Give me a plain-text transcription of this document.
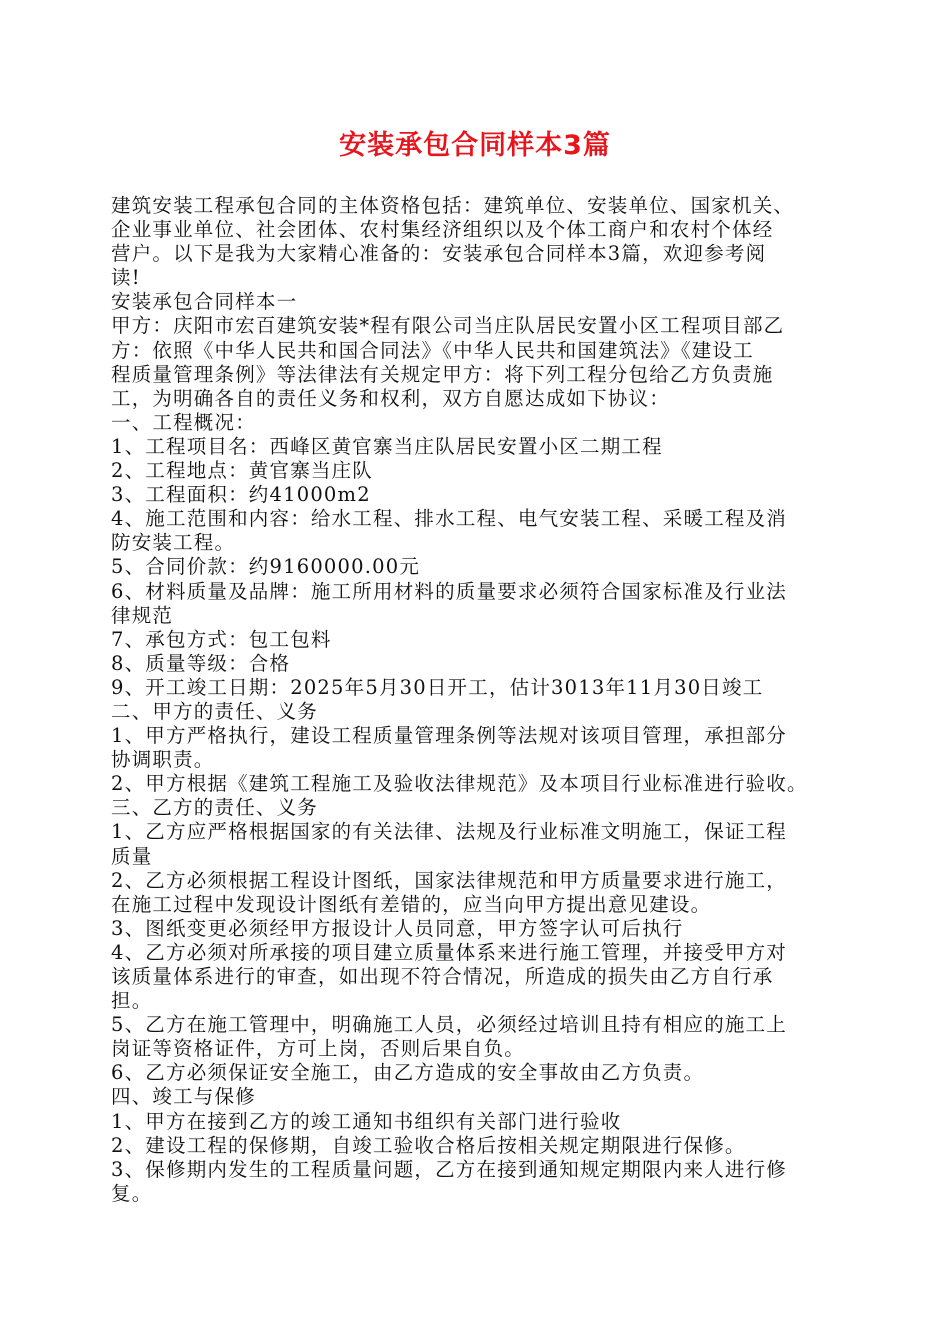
安装承包合同样本3篇
建筑安装工程承包合同的主体资格包括：建筑单位、安装单位、国家机关、
企业事业单位、社会团体、农村集经济组织以及个体工商户和农村个体经
营户。以下是我为大家精心准备的：安装承包合同样本3篇，欢迎参考阅
读!
安装承包合同样本一
甲方：庆阳市宏百建筑安装*程有限公司当庄队居民安置小区工程项目部乙
方：依照《中华人民共和国合同法》《中华人民共和国建筑法》《建设工
程质量管理条例》等法律法有关规定甲方：将下列工程分包给乙方负责施
工，为明确各自的责任义务和权利，双方自愿达成如下协议：
一、工程概况：
1、工程项目名：西峰区黄官寨当庄队居民安置小区二期工程
2、工程地点：黄官寨当庄队
3、工程面积：约41000m2
4、施工范围和内容：给水工程、排水工程、电气安装工程、采暖工程及消
防安装工程。
5、合同价款：约9160000.00元
6、材料质量及品牌：施工所用材料的质量要求必须符合国家标准及行业法
律规范
7、承包方式：包工包料
8、质量等级：合格
9、开工竣工日期：2025年5月30日开工，估计3013年11月30日竣工
二、甲方的责任、义务
1、甲方严格执行，建设工程质量管理条例等法规对该项目管理，承担部分
协调职责。
2、甲方根据《建筑工程施工及验收法律规范》及本项目行业标准进行验收。
三、乙方的责任、义务
1、乙方应严格根据国家的有关法律、法规及行业标准文明施工，保证工程
质量
2、乙方必须根据工程设计图纸，国家法律规范和甲方质量要求进行施工，
在施工过程中发现设计图纸有差错的，应当向甲方提出意见建设。
3、图纸变更必须经甲方报设计人员同意，甲方签字认可后执行
4、乙方必须对所承接的项目建立质量体系来进行施工管理，并接受甲方对
该质量体系进行的审查，如出现不符合情况，所造成的损失由乙方自行承
担。
5、乙方在施工管理中，明确施工人员，必须经过培训且持有相应的施工上
岗证等资格证件，方可上岗，否则后果自负。
6、乙方必须保证安全施工，由乙方造成的安全事故由乙方负责。
四、竣工与保修
1、甲方在接到乙方的竣工通知书组织有关部门进行验收
2、建设工程的保修期，自竣工验收合格后按相关规定期限进行保修。
3、保修期内发生的工程质量问题，乙方在接到通知规定期限内来人进行修
复。
